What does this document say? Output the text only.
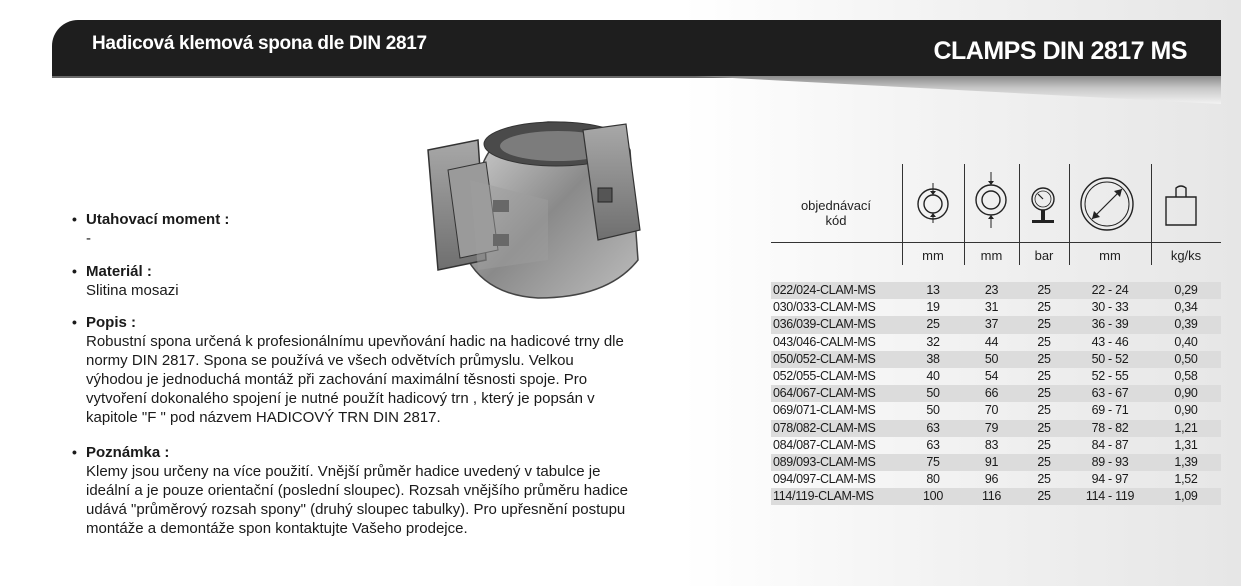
Hadicová klemová spona dle DIN 2817	CLAMPS DIN 2817 MS
• Utahovací moment :
-
• Materiál :
Slitina mosazi
• Popis :
Robustní spona určená k profesionálnímu upevňování hadic na hadicové trny dle
normy DIN 2817. Spona se používá ve všech odvětvích průmyslu. Velkou
výhodou je jednoduchá montáž při zachování maximální těsnosti spoje. Pro
vytvoření dokonalého spojení je nutné použít hadicový trn , který je popsán v
kapitole "F " pod názvem HADICOVÝ TRN DIN 2817.
• Poznámka :
Klemy jsou určeny na více použití. Vnější průměr hadice uvedený v tabulce je
ideální a je pouze orientační (poslední sloupec). Rozsah vnějšího průměru hadice
udává "průměrový rozsah spony" (druhý sloupec tabulky). Pro upřesnění postupu
montáže a demontáže spon kontaktujte Vašeho prodejce.
objednávací
kód
mm	mm	bar	mm	kg/ks
022/024-CLAM-MS	13	23	25	22 - 24	0,29
030/033-CLAM-MS	19	31	25	30 - 33	0,34
036/039-CLAM-MS	25	37	25	36 - 39	0,39
043/046-CALM-MS	32	44	25	43 - 46	0,40
050/052-CLAM-MS	38	50	25	50 - 52	0,50
052/055-CLAM-MS	40	54	25	52 - 55	0,58
064/067-CLAM-MS	50	66	25	63 - 67	0,90
069/071-CLAM-MS	50	70	25	69 - 71	0,90
078/082-CLAM-MS	63	79	25	78 - 82	1,21
084/087-CLAM-MS	63	83	25	84 - 87	1,31
089/093-CLAM-MS	75	91	25	89 - 93	1,39
094/097-CLAM-MS	80	96	25	94 - 97	1,52
114/119-CLAM-MS	100	116	25	114 - 119	1,09
